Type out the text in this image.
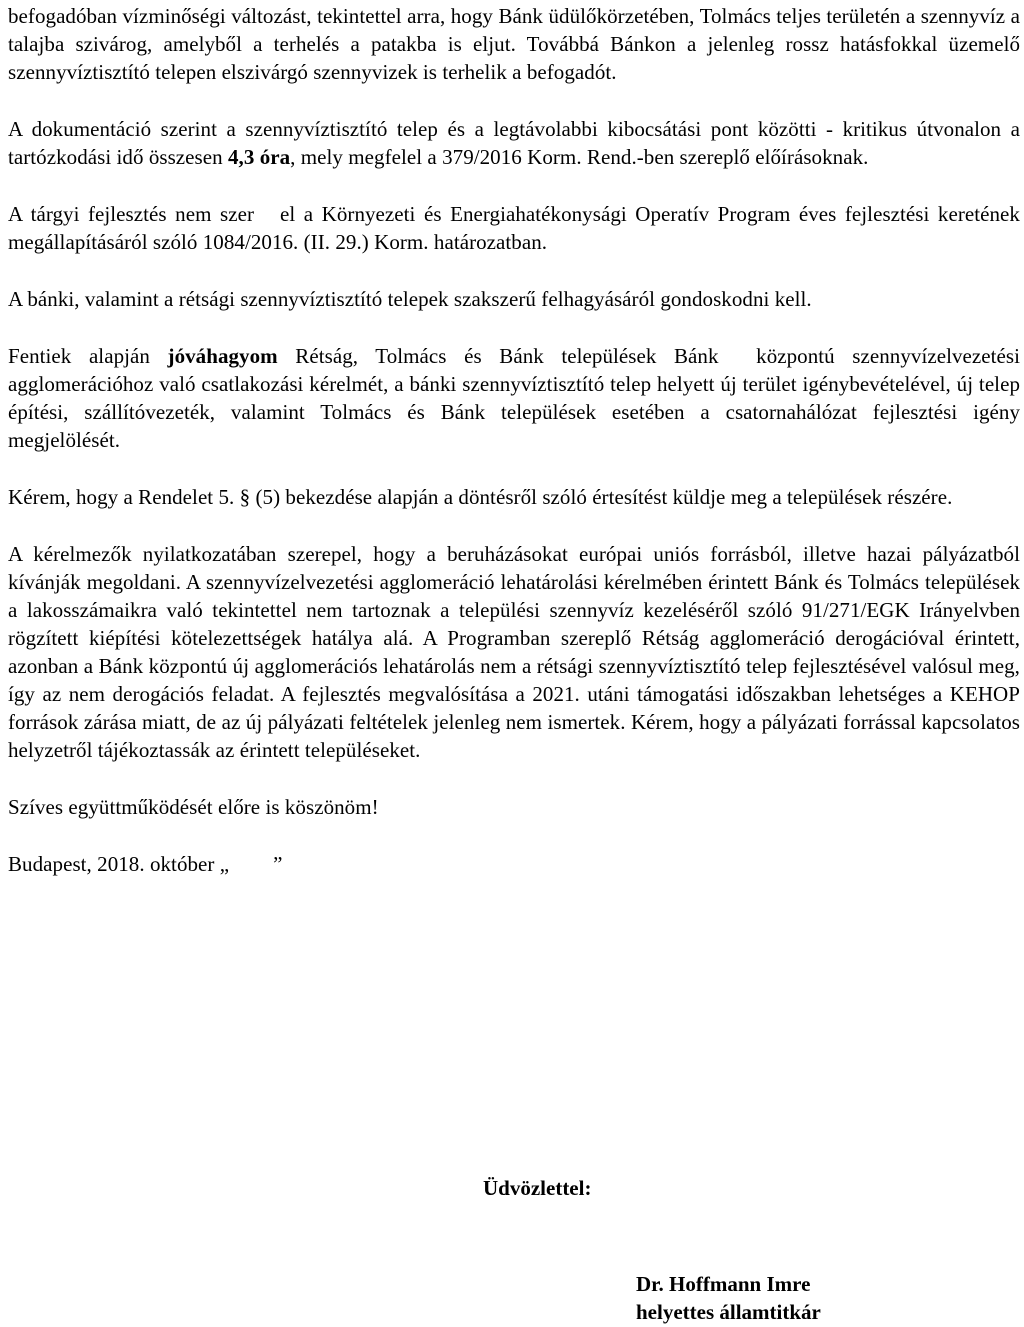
befogadóban vízminőségi változást, tekintettel arra, hogy Bánk üdülőkörzetében, Tolmács teljes területén a szennyvíz a talajba szivárog, amelyből a terhelés a patakba is eljut. Továbbá Bánkon a jelenleg rossz hatásfokkal üzemelő szennyvíztisztító telepen elszivárgó szennyvizek is terhelik a befogadót.

A dokumentáció szerint a szennyvíztisztító telep és a legtávolabbi kibocsátási pont közötti - kritikus útvonalon a tartózkodási idő összesen 4,3 óra, mely megfelel a 379/2016 Korm. Rend.-ben szereplő előírásoknak.

A tárgyi fejlesztés nem szer el a Környezeti és Energiahatékonysági Operatív Program éves fejlesztési keretének megállapításáról szóló 1084/2016. (II. 29.) Korm. határozatban.

A bánki, valamint a rétsági szennyvíztisztító telepek szakszerű felhagyásáról gondoskodni kell.

Fentiek alapján jóváhagyom Rétság, Tolmács és Bánk települések Bánk központú szennyvízelvezetési agglomerációhoz való csatlakozási kérelmét, a bánki szennyvíztisztító telep helyett új terület igénybevételével, új telep építési, szállítóvezeték, valamint Tolmács és Bánk települések esetében a csatornahálózat fejlesztési igény megjelölését.

Kérem, hogy a Rendelet 5. § (5) bekezdése alapján a döntésről szóló értesítést küldje meg a települések részére.

A kérelmezők nyilatkozatában szerepel, hogy a beruházásokat európai uniós forrásból, illetve hazai pályázatból kívánják megoldani. A szennyvízelvezetési agglomeráció lehatárolási kérelmében érintett Bánk és Tolmács települések a lakosszámaikra való tekintettel nem tartoznak a települési szennyvíz kezeléséről szóló 91/271/EGK Irányelvben rögzített kiépítési kötelezettségek hatálya alá. A Programban szereplő Rétság agglomeráció derogációval érintett, azonban a Bánk központú új agglomerációs lehatárolás nem a rétsági szennyvíztisztító telep fejlesztésével valósul meg, így az nem derogációs feladat. A fejlesztés megvalósítása a 2021. utáni támogatási időszakban lehetséges a KEHOP források zárása miatt, de az új pályázati feltételek jelenleg nem ismertek. Kérem, hogy a pályázati forrással kapcsolatos helyzetről tájékoztassák az érintett településeket.

Szíves együttműködését előre is köszönöm!

Budapest, 2018. október „ ”

Üdvözlettel:
Dr. Hoffmann Imre
helyettes államtitkár
